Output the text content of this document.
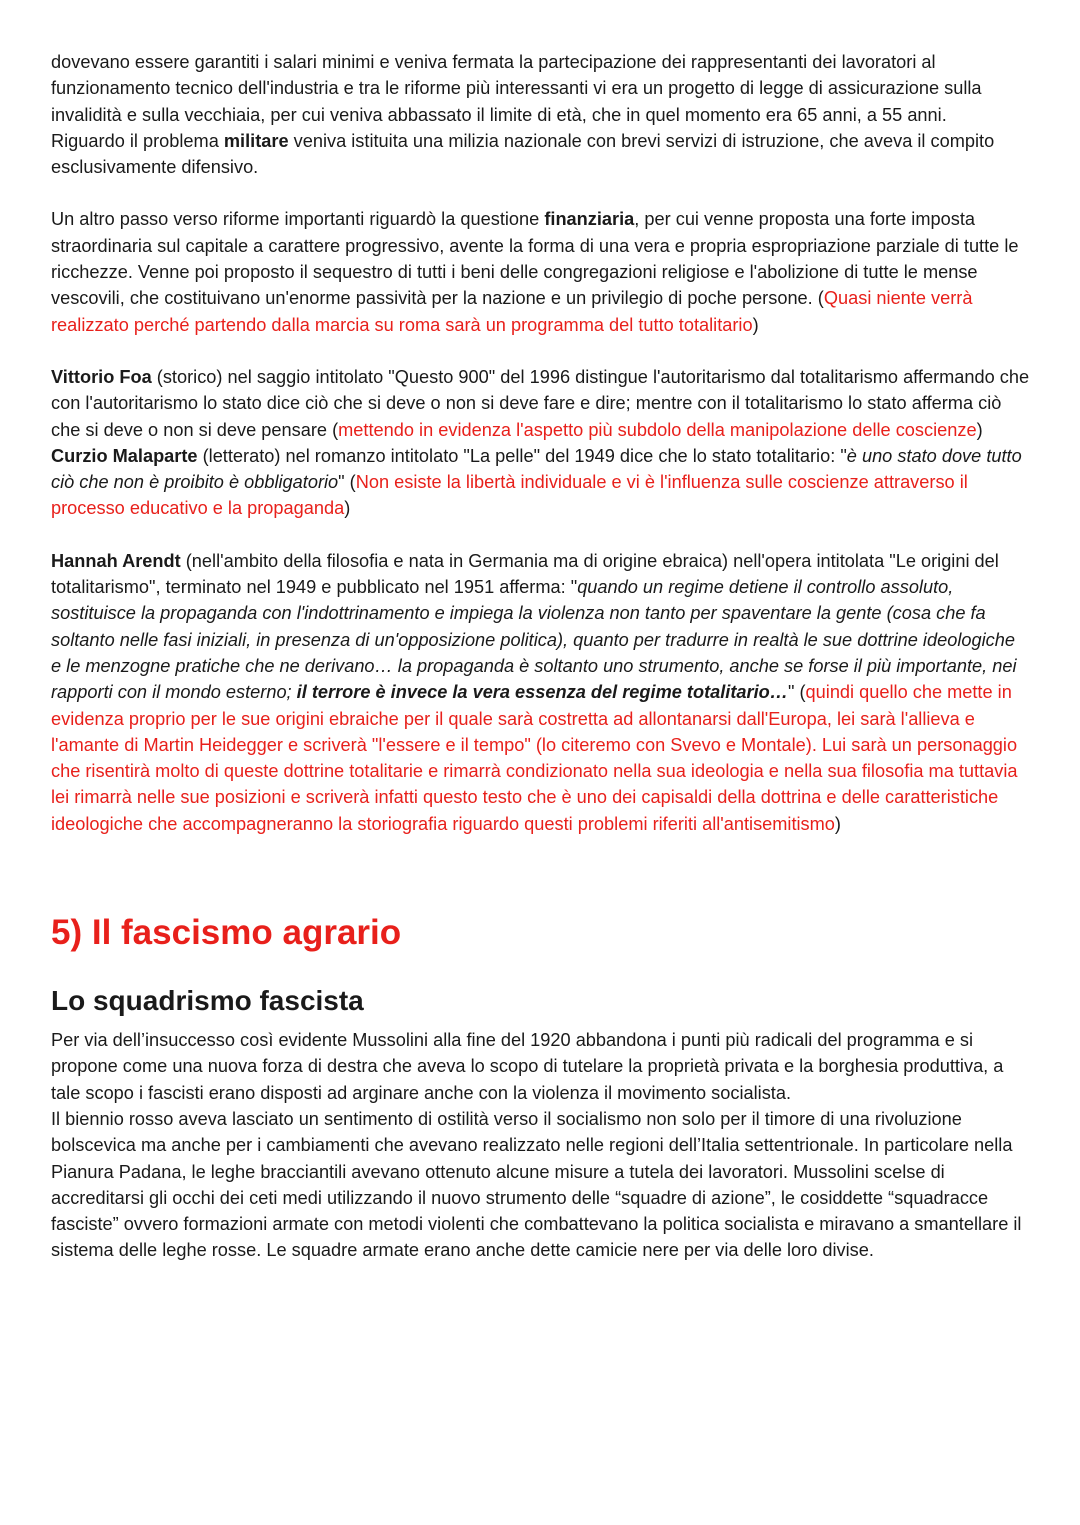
dovevano essere garantiti i salari minimi e veniva fermata la partecipazione dei rappresentanti dei lavoratori al funzionamento tecnico dell'industria e tra le riforme più interessanti vi era un progetto di legge di assicurazione sulla invalidità e sulla vecchiaia, per cui veniva abbassato il limite di età, che in quel momento era 65 anni, a 55 anni.

Riguardo il problema militare veniva istituita una milizia nazionale con brevi servizi di istruzione, che aveva il compito esclusivamente difensivo.

Un altro passo verso riforme importanti riguardò la questione finanziaria, per cui venne proposta una forte imposta straordinaria sul capitale a carattere progressivo, avente la forma di una vera e propria espropriazione parziale di tutte le ricchezze. Venne poi proposto il sequestro di tutti i beni delle congregazioni religiose e l'abolizione di tutte le mense vescovili, che costituivano un'enorme passività per la nazione e un privilegio di poche persone. (Quasi niente verrà realizzato perché partendo dalla marcia su roma sarà un programma del tutto totalitario)

Vittorio Foa (storico) nel saggio intitolato "Questo 900" del 1996 distingue l'autoritarismo dal totalitarismo affermando che con l'autoritarismo lo stato dice ciò che si deve o non si deve fare e dire; mentre con il totalitarismo lo stato afferma ciò che si deve o non si deve pensare (mettendo in evidenza l'aspetto più subdolo della manipolazione delle coscienze)

Curzio Malaparte (letterato) nel romanzo intitolato "La pelle" del 1949 dice che lo stato totalitario: "è uno stato dove tutto ciò che non è proibito è obbligatorio" (Non esiste la libertà individuale e vi è l'influenza sulle coscienze attraverso il processo educativo e la propaganda)

Hannah Arendt (nell'ambito della filosofia e nata in Germania ma di origine ebraica) nell'opera intitolata "Le origini del totalitarismo", terminato nel 1949 e pubblicato nel 1951 afferma: "quando un regime detiene il controllo assoluto, sostituisce la propaganda con l'indottrinamento e impiega la violenza non tanto per spaventare la gente (cosa che fa soltanto nelle fasi iniziali, in presenza di un'opposizione politica), quanto per tradurre in realtà le sue dottrine ideologiche e le menzogne pratiche che ne derivano… la propaganda è soltanto uno strumento, anche se forse il più importante, nei rapporti con il mondo esterno; il terrore è invece la vera essenza del regime totalitario…" (quindi quello che mette in evidenza proprio per le sue origini ebraiche per il quale sarà costretta ad allontanarsi dall'Europa, lei sarà l'allieva e l'amante di Martin Heidegger e scriverà "l'essere e il tempo" (lo citeremo con Svevo e Montale). Lui sarà un personaggio che risentirà molto di queste dottrine totalitarie e rimarrà condizionato nella sua ideologia e nella sua filosofia ma tuttavia lei rimarrà nelle sue posizioni e scriverà infatti questo testo che è uno dei capisaldi della dottrina e delle caratteristiche ideologiche che accompagneranno la storiografia riguardo questi problemi riferiti all'antisemitismo)

5) Il fascismo agrario
Lo squadrismo fascista

Per via dell’insuccesso così evidente Mussolini alla fine del 1920 abbandona i punti più radicali del programma e si propone come una nuova forza di destra che aveva lo scopo di tutelare la proprietà privata e la borghesia produttiva, a tale scopo i fascisti erano disposti ad arginare anche con la violenza il movimento socialista.

Il biennio rosso aveva lasciato un sentimento di ostilità verso il socialismo non solo per il timore di una rivoluzione bolscevica ma anche per i cambiamenti che avevano realizzato nelle regioni dell’Italia settentrionale. In particolare nella Pianura Padana, le leghe bracciantili avevano ottenuto alcune misure a tutela dei lavoratori. Mussolini scelse di accreditarsi gli occhi dei ceti medi utilizzando il nuovo strumento delle “squadre di azione”, le cosiddette “squadracce fasciste” ovvero formazioni armate con metodi violenti che combattevano la politica socialista e miravano a smantellare il sistema delle leghe rosse. Le squadre armate erano anche dette camicie nere per via delle loro divise.
